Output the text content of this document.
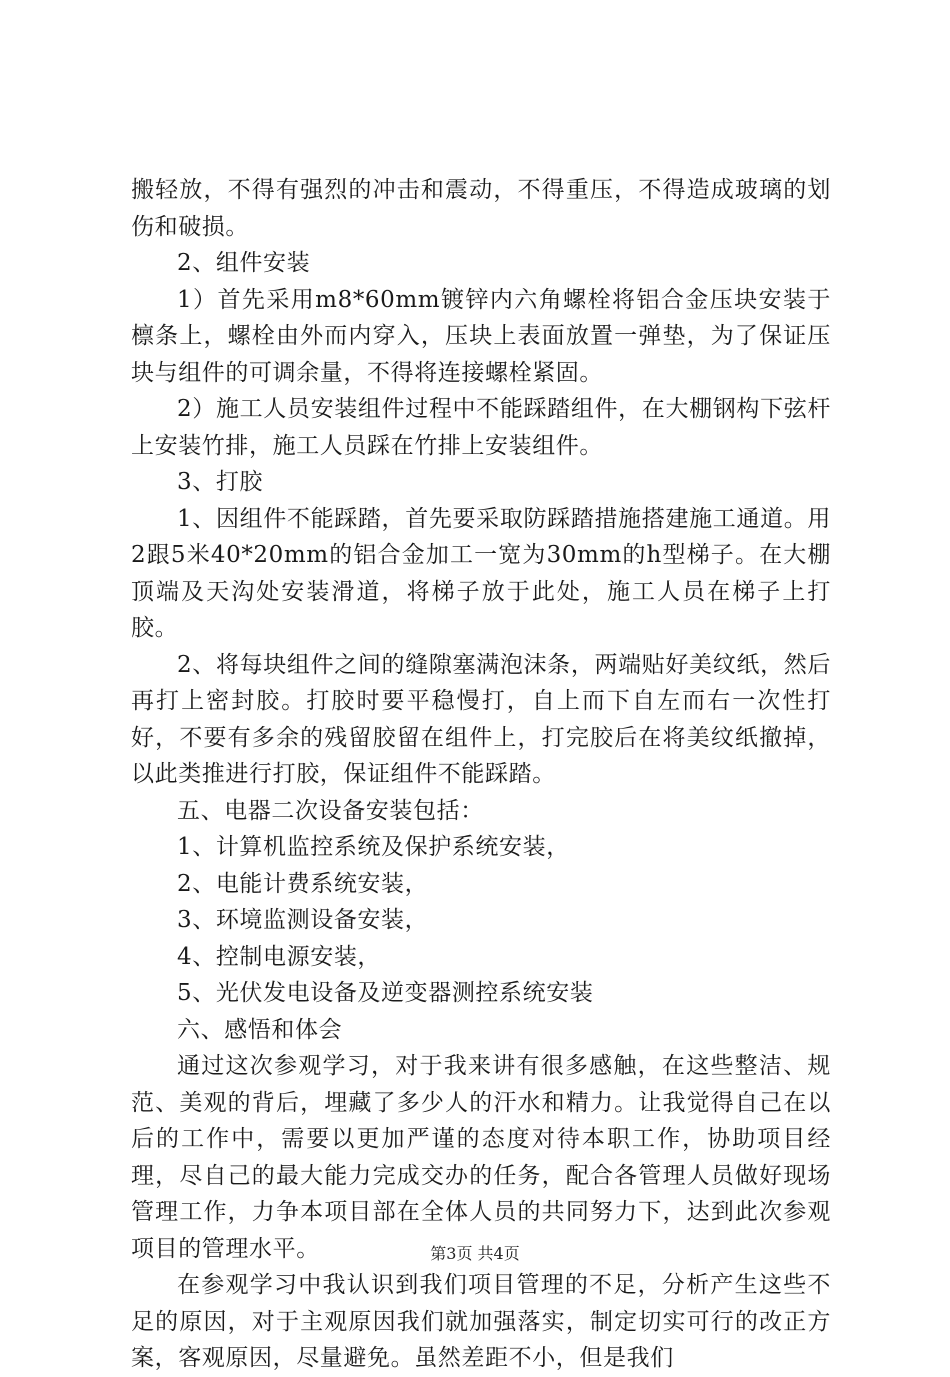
搬轻放，不得有强烈的冲击和震动，不得重压，不得造成玻璃的划伤和破损。

2、组件安装

1）首先采用m8*60mm镀锌内六角螺栓将铝合金压块安装于檩条上，螺栓由外而内穿入，压块上表面放置一弹垫，为了保证压块与组件的可调余量，不得将连接螺栓紧固。

2）施工人员安装组件过程中不能踩踏组件，在大棚钢构下弦杆上安装竹排，施工人员踩在竹排上安装组件。

3、打胶

1、因组件不能踩踏，首先要采取防踩踏措施搭建施工通道。用2跟5米40*20mm的铝合金加工一宽为30mm的h型梯子。在大棚顶端及天沟处安装滑道，将梯子放于此处，施工人员在梯子上打胶。

2、将每块组件之间的缝隙塞满泡沫条，两端贴好美纹纸，然后再打上密封胶。打胶时要平稳慢打，自上而下自左而右一次性打好，不要有多余的残留胶留在组件上，打完胶后在将美纹纸撤掉，以此类推进行打胶，保证组件不能踩踏。

五、电器二次设备安装包括：

1、计算机监控系统及保护系统安装，

2、电能计费系统安装，

3、环境监测设备安装，

4、控制电源安装，

5、光伏发电设备及逆变器测控系统安装

六、感悟和体会

通过这次参观学习，对于我来讲有很多感触，在这些整洁、规范、美观的背后，埋藏了多少人的汗水和精力。让我觉得自己在以后的工作中，需要以更加严谨的态度对待本职工作，协助项目经理，尽自己的最大能力完成交办的任务，配合各管理人员做好现场管理工作，力争本项目部在全体人员的共同努力下，达到此次参观项目的管理水平。

在参观学习中我认识到我们项目管理的不足，分析产生这些不足的原因，对于主观原因我们就加强落实，制定切实可行的改正方案，客观原因，尽量避免。虽然差距不小，但是我们

第3页 共4页
